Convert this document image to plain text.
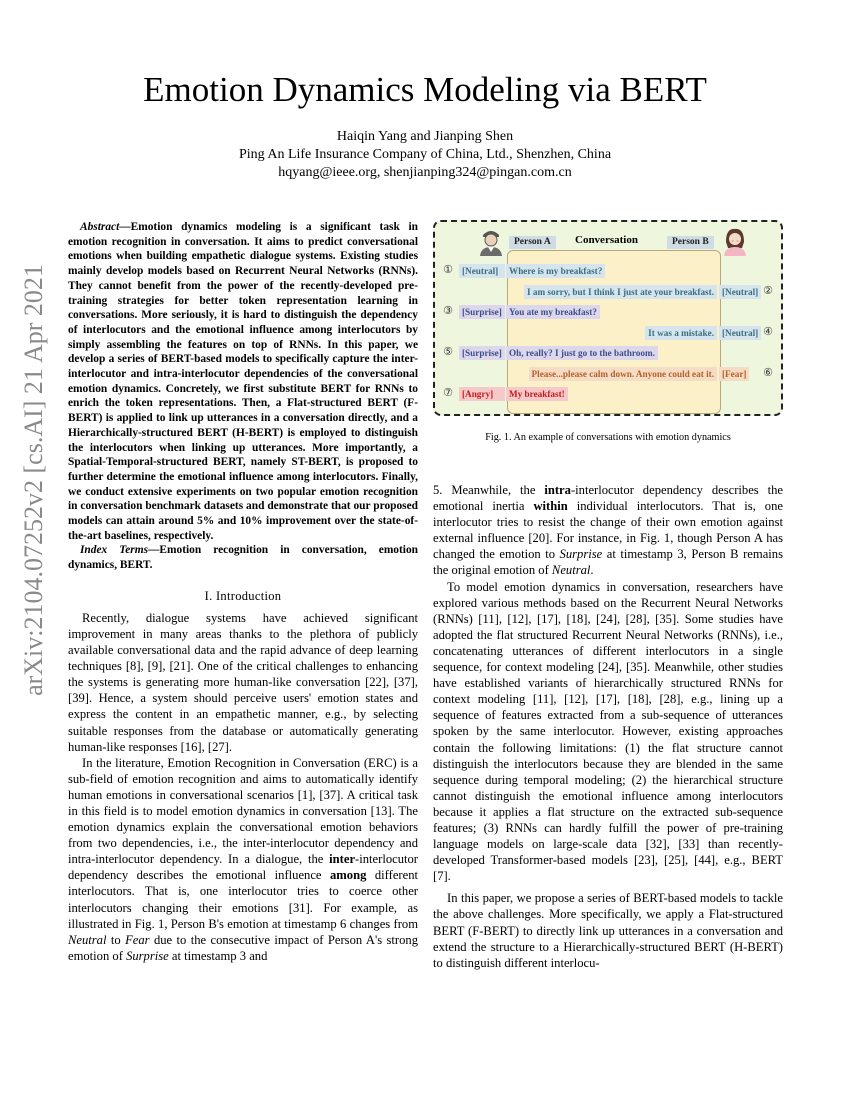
Emotion Dynamics Modeling via BERT
Haiqin Yang and Jianping Shen
Ping An Life Insurance Company of China, Ltd., Shenzhen, China
hqyang@ieee.org, shenjianping324@pingan.com.cn
arXiv:2104.07252v2 [cs.AI] 21 Apr 2021

Abstract—Emotion dynamics modeling is a significant task in emotion recognition in conversation. It aims to predict conversational emotions when building empathetic dialogue systems. Existing studies mainly develop models based on Recurrent Neural Networks (RNNs). They cannot benefit from the power of the recently-developed pre-training strategies for better token representation learning in conversations. More seriously, it is hard to distinguish the dependency of interlocutors and the emotional influence among interlocutors by simply assembling the features on top of RNNs. In this paper, we develop a series of BERT-based models to specifically capture the inter-interlocutor and intra-interlocutor dependencies of the conversational emotion dynamics. Concretely, we first substitute BERT for RNNs to enrich the token representations. Then, a Flat-structured BERT (F-BERT) is applied to link up utterances in a conversation directly, and a Hierarchically-structured BERT (H-BERT) is employed to distinguish the interlocutors when linking up utterances. More importantly, a Spatial-Temporal-structured BERT, namely ST-BERT, is proposed to further determine the emotional influence among interlocutors. Finally, we conduct extensive experiments on two popular emotion recognition in conversation benchmark datasets and demonstrate that our proposed models can attain around 5% and 10% improvement over the state-of-the-art baselines, respectively.

Index Terms—Emotion recognition in conversation, emotion dynamics, BERT.

I. Introduction

Recently, dialogue systems have achieved significant improvement in many areas thanks to the plethora of publicly available conversational data and the rapid advance of deep learning techniques [8], [9], [21]. One of the critical challenges to enhancing the systems is generating more human-like conversation [22], [37], [39]. Hence, a system should perceive users' emotion states and express the content in an empathetic manner, e.g., by selecting suitable responses from the database or automatically generating human-like responses [16], [27].

In the literature, Emotion Recognition in Conversation (ERC) is a sub-field of emotion recognition and aims to automatically identify human emotions in conversational scenarios [1], [37]. A critical task in this field is to model emotion dynamics in conversation [13]. The emotion dynamics explain the conversational emotion behaviors from two dependencies, i.e., the inter-interlocutor dependency and intra-interlocutor dependency. In a dialogue, the inter-interlocutor dependency describes the emotional influence among different interlocutors. That is, one interlocutor tries to coerce other interlocutors changing their emotions [31]. For example, as illustrated in Fig. 1, Person B's emotion at timestamp 6 changes from Neutral to Fear due to the consecutive impact of Person A's strong emotion of Surprise at timestamp 3 and

Person A	Conversation	Person B
① [Neutral]	Where is my breakfast?
I am sorry, but I think I just ate your breakfast. [Neutral] ②
③ [Surprise] You ate my breakfast?
It was a mistake. [Neutral] ④
⑤ [Surprise] Oh, really? I just go to the bathroom.
Please...please calm down. Anyone could eat it. [Fear] ⑥
⑦ [Angry]	My breakfast!
Fig. 1. An example of conversations with emotion dynamics

5. Meanwhile, the intra-interlocutor dependency describes the emotional inertia within individual interlocutors. That is, one interlocutor tries to resist the change of their own emotion against external influence [20]. For instance, in Fig. 1, though Person A has changed the emotion to Surprise at timestamp 3, Person B remains the original emotion of Neutral.

To model emotion dynamics in conversation, researchers have explored various methods based on the Recurrent Neural Networks (RNNs) [11], [12], [17], [18], [24], [28], [35]. Some studies have adopted the flat structured Recurrent Neural Networks (RNNs), i.e., concatenating utterances of different interlocutors in a single sequence, for context modeling [24], [35]. Meanwhile, other studies have established variants of hierarchically structured RNNs for context modeling [11], [12], [17], [18], [28], e.g., lining up a sequence of features extracted from a sub-sequence of utterances spoken by the same interlocutor. However, existing approaches contain the following limitations: (1) the flat structure cannot distinguish the interlocutors because they are blended in the same sequence during temporal modeling; (2) the hierarchical structure cannot distinguish the emotional influence among interlocutors because it applies a flat structure on the extracted sub-sequence features; (3) RNNs can hardly fulfill the power of pre-training language models on large-scale data [32], [33] than recently-developed Transformer-based models [23], [25], [44], e.g., BERT [7].

In this paper, we propose a series of BERT-based models to tackle the above challenges. More specifically, we apply a Flat-structured BERT (F-BERT) to directly link up utterances in a conversation and extend the structure to a Hierarchically-structured BERT (H-BERT) to distinguish different interlocu-
